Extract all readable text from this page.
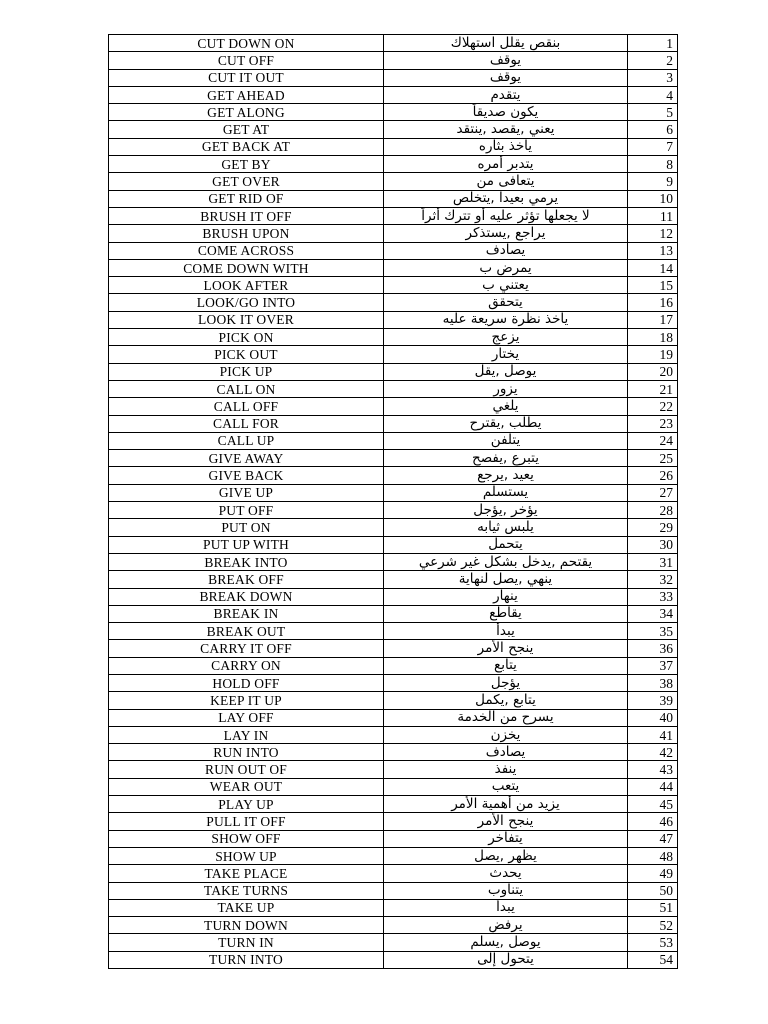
CUT DOWN ON	بنقص يقلل استهلاك	1
CUT OFF	يوقف	2
CUT IT OUT	يوقف	3
GET AHEAD	يتقدم	4
GET ALONG	يكون صديقاً	5
GET AT	يعني ,يقصد ,ينتقد	6
GET BACK AT	يأخذ بثأره	7
GET BY	يتدبر أمره	8
GET OVER	يتعافى من	9
GET RID OF	يرمي بعيداً ,يتخلص	10
BRUSH IT OFF	لا يجعلها تؤثر عليه أو تترك أثراً	11
BRUSH UPON	يراجع ,يستذكر	12
COME ACROSS	يصادف	13
COME DOWN WITH	يمرض ب	14
LOOK AFTER	يعتني ب	15
LOOK/GO INTO	يتحقق	16
LOOK IT OVER	يأخذ نظرة سريعة عليه	17
PICK ON	يزعج	18
PICK OUT	يختار	19
PICK UP	يوصل ,يقل	20
CALL ON	يزور	21
CALL OFF	يلغي	22
CALL FOR	يطلب ,يقترح	23
CALL UP	يتلفن	24
GIVE AWAY	يتبرع ,يفصح	25
GIVE BACK	يعيد ,يرجع	26
GIVE UP	يستسلم	27
PUT OFF	يؤخر ,يؤجل	28
PUT ON	يلبس ثيابه	29
PUT UP WITH	يتحمل	30
BREAK INTO	يقتحم ,يدخل بشكل غير شرعي	31
BREAK OFF	ينهي ,يصل لنهاية	32
BREAK DOWN	ينهار	33
BREAK IN	يقاطع	34
BREAK OUT	يبدأ	35
CARRY IT OFF	ينجح الأمر	36
CARRY ON	يتابع	37
HOLD OFF	يؤجل	38
KEEP IT UP	يتابع ,يكمل	39
LAY OFF	يسرح من الخدمة	40
LAY IN	يخزن	41
RUN INTO	يصادف	42
RUN OUT OF	ينفذ	43
WEAR OUT	يتعب	44
PLAY UP	يزيد من أهمية الأمر	45
PULL IT OFF	ينجح الأمر	46
SHOW OFF	يتفاخر	47
SHOW UP	يظهر ,يصل	48
TAKE PLACE	يحدث	49
TAKE TURNS	يتناوب	50
TAKE UP	يبدأ	51
TURN DOWN	يرفض	52
TURN IN	يوصل ,يسلم	53
TURN INTO	يتحول إلى	54
